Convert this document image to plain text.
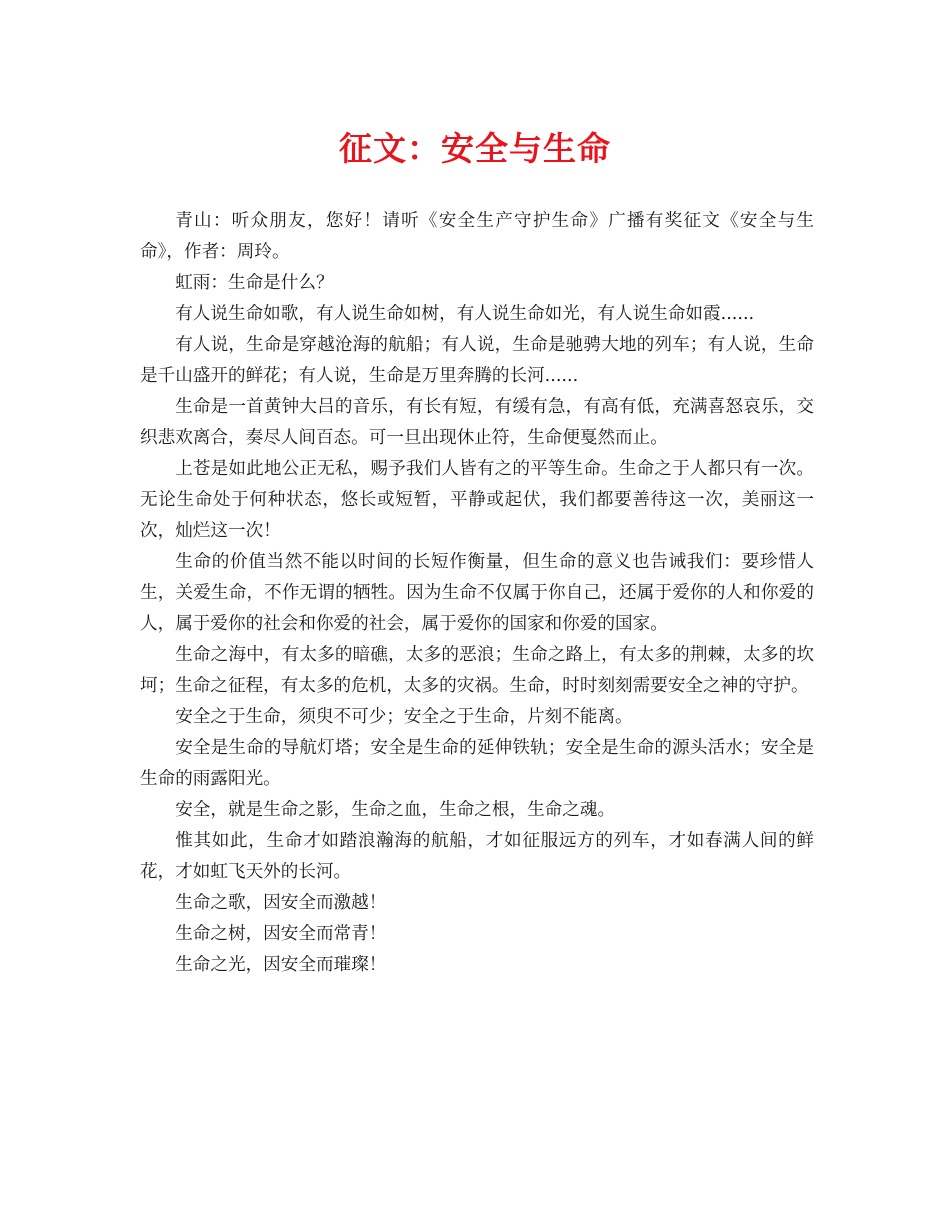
征文：安全与生命

青山：听众朋友，您好！请听《安全生产守护生命》广播有奖征文《安全与生命》，作者：周玲。

虹雨：生命是什么？

有人说生命如歌，有人说生命如树，有人说生命如光，有人说生命如霞......

有人说，生命是穿越沧海的航船；有人说，生命是驰骋大地的列车；有人说，生命是千山盛开的鲜花；有人说，生命是万里奔腾的长河......

生命是一首黄钟大吕的音乐，有长有短，有缓有急，有高有低，充满喜怒哀乐，交织悲欢离合，奏尽人间百态。可一旦出现休止符，生命便戛然而止。

上苍是如此地公正无私，赐予我们人皆有之的平等生命。生命之于人都只有一次。无论生命处于何种状态，悠长或短暂，平静或起伏，我们都要善待这一次，美丽这一次，灿烂这一次！

生命的价值当然不能以时间的长短作衡量，但生命的意义也告诫我们：要珍惜人生，关爱生命，不作无谓的牺牲。因为生命不仅属于你自己，还属于爱你的人和你爱的人，属于爱你的社会和你爱的社会，属于爱你的国家和你爱的国家。

生命之海中，有太多的暗礁，太多的恶浪；生命之路上，有太多的荆棘，太多的坎坷；生命之征程，有太多的危机，太多的灾祸。生命，时时刻刻需要安全之神的守护。

安全之于生命，须臾不可少；安全之于生命，片刻不能离。

安全是生命的导航灯塔；安全是生命的延伸铁轨；安全是生命的源头活水；安全是生命的雨露阳光。

安全，就是生命之影，生命之血，生命之根，生命之魂。

惟其如此，生命才如踏浪瀚海的航船，才如征服远方的列车，才如春满人间的鲜花，才如虹飞天外的长河。

生命之歌，因安全而激越！

生命之树，因安全而常青！

生命之光，因安全而璀璨！
